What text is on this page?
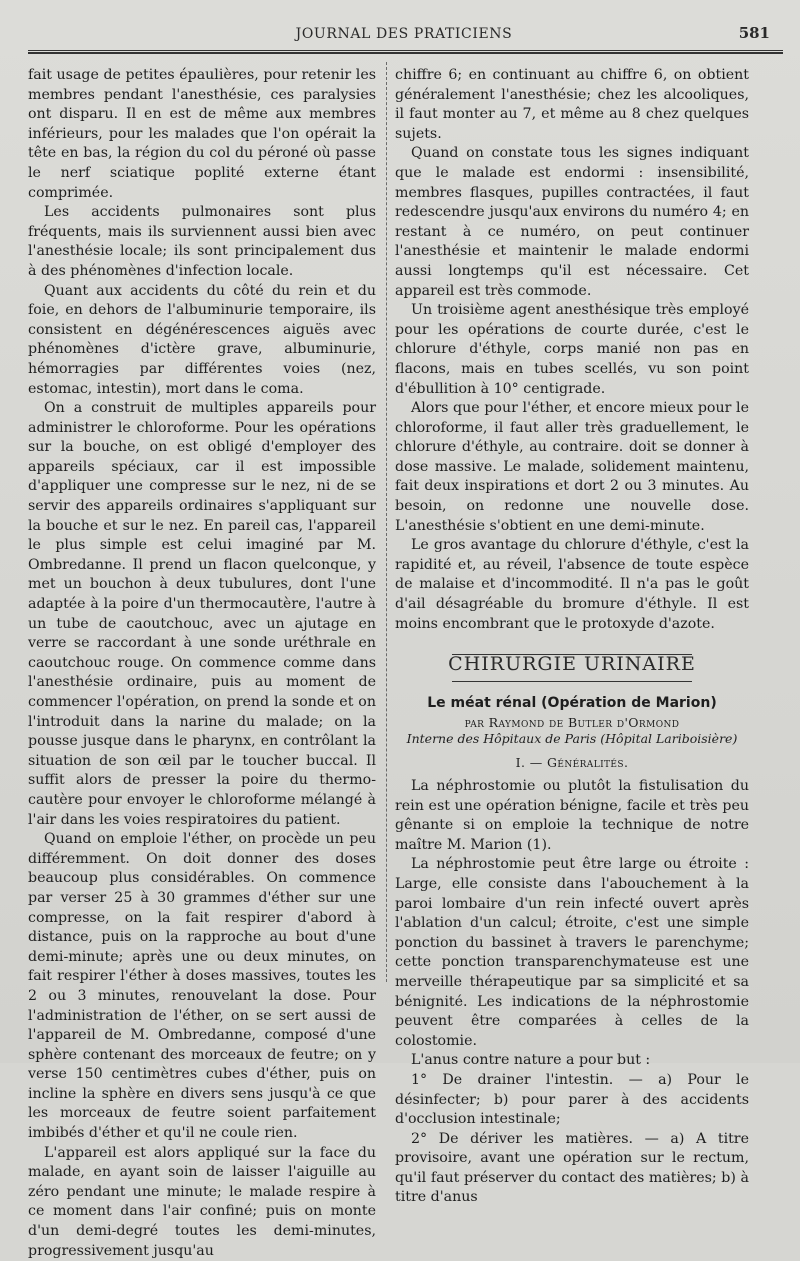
JOURNAL DES PRATICIENS	581

fait usage de petites épaulières, pour retenir les membres pendant l'anesthésie, ces paralysies ont disparu. Il en est de même aux membres inférieurs, pour les malades que l'on opérait la tête en bas, la région du col du péroné où passe le nerf sciatique poplité externe étant comprimée.

Les accidents pulmonaires sont plus fréquents, mais ils surviennent aussi bien avec l'anesthésie locale; ils sont principalement dus à des phénomènes d'infection locale.

Quant aux accidents du côté du rein et du foie, en dehors de l'albuminurie temporaire, ils consistent en dégénérescences aiguës avec phénomènes d'ictère grave, albuminurie, hémorragies par différentes voies (nez, estomac, intestin), mort dans le coma.

On a construit de multiples appareils pour administrer le chloroforme. Pour les opérations sur la bouche, on est obligé d'employer des appareils spéciaux, car il est impossible d'appliquer une compresse sur le nez, ni de se servir des appareils ordinaires s'appliquant sur la bouche et sur le nez. En pareil cas, l'appareil le plus simple est celui imaginé par M. Ombredanne. Il prend un flacon quelconque, y met un bouchon à deux tubulures, dont l'une adaptée à la poire d'un thermocautère, l'autre à un tube de caoutchouc, avec un ajutage en verre se raccordant à une sonde uréthrale en caoutchouc rouge. On commence comme dans l'anesthésie ordinaire, puis au moment de commencer l'opération, on prend la sonde et on l'introduit dans la narine du malade; on la pousse jusque dans le pharynx, en contrôlant la situation de son œil par le toucher buccal. Il suffit alors de presser la poire du thermo-cautère pour envoyer le chloroforme mélangé à l'air dans les voies respiratoires du patient.

Quand on emploie l'éther, on procède un peu différemment. On doit donner des doses beaucoup plus considérables. On commence par verser 25 à 30 grammes d'éther sur une compresse, on la fait respirer d'abord à distance, puis on la rapproche au bout d'une demi-minute; après une ou deux minutes, on fait respirer l'éther à doses massives, toutes les 2 ou 3 minutes, renouvelant la dose. Pour l'administration de l'éther, on se sert aussi de l'appareil de M. Ombredanne, composé d'une sphère contenant des morceaux de feutre; on y verse 150 centimètres cubes d'éther, puis on incline la sphère en divers sens jusqu'à ce que les morceaux de feutre soient parfaitement imbibés d'éther et qu'il ne coule rien.

L'appareil est alors appliqué sur la face du malade, en ayant soin de laisser l'aiguille au zéro pendant une minute; le malade respire à ce moment dans l'air confiné; puis on monte d'un demi-degré toutes les demi-minutes, progressivement jusqu'au

chiffre 6; en continuant au chiffre 6, on obtient généralement l'anesthésie; chez les alcooliques, il faut monter au 7, et même au 8 chez quelques sujets.

Quand on constate tous les signes indiquant que le malade est endormi : insensibilité, membres flasques, pupilles contractées, il faut redescendre jusqu'aux environs du numéro 4; en restant à ce numéro, on peut continuer l'anesthésie et maintenir le malade endormi aussi longtemps qu'il est nécessaire. Cet appareil est très commode.

Un troisième agent anesthésique très employé pour les opérations de courte durée, c'est le chlorure d'éthyle, corps manié non pas en flacons, mais en tubes scellés, vu son point d'ébullition à 10° centigrade.

Alors que pour l'éther, et encore mieux pour le chloroforme, il faut aller très graduellement, le chlorure d'éthyle, au contraire. doit se donner à dose massive. Le malade, solidement maintenu, fait deux inspirations et dort 2 ou 3 minutes. Au besoin, on redonne une nouvelle dose. L'anesthésie s'obtient en une demi-minute.

Le gros avantage du chlorure d'éthyle, c'est la rapidité et, au réveil, l'absence de toute espèce de malaise et d'incommodité. Il n'a pas le goût d'ail désagréable du bromure d'éthyle. Il est moins encombrant que le protoxyde d'azote.

CHIRURGIE URINAIRE
Le méat rénal (Opération de Marion)
par Raymond de Butler d'Ormond
Interne des Hôpitaux de Paris (Hôpital Lariboisière)
I. — Généralités.

La néphrostomie ou plutôt la fistulisation du rein est une opération bénigne, facile et très peu gênante si on emploie la technique de notre maître M. Marion (1).

La néphrostomie peut être large ou étroite : Large, elle consiste dans l'abouchement à la paroi lombaire d'un rein infecté ouvert après l'ablation d'un calcul; étroite, c'est une simple ponction du bassinet à travers le parenchyme; cette ponction transparenchymateuse est une merveille thérapeutique par sa simplicité et sa bénignité. Les indications de la néphrostomie peuvent être comparées à celles de la colostomie.

L'anus contre nature a pour but :

1° De drainer l'intestin. — a) Pour le désinfecter; b) pour parer à des accidents d'occlusion intestinale;

2° De dériver les matières. — a) A titre provisoire, avant une opération sur le rectum, qu'il faut préserver du contact des matières; b) à titre d'anus
